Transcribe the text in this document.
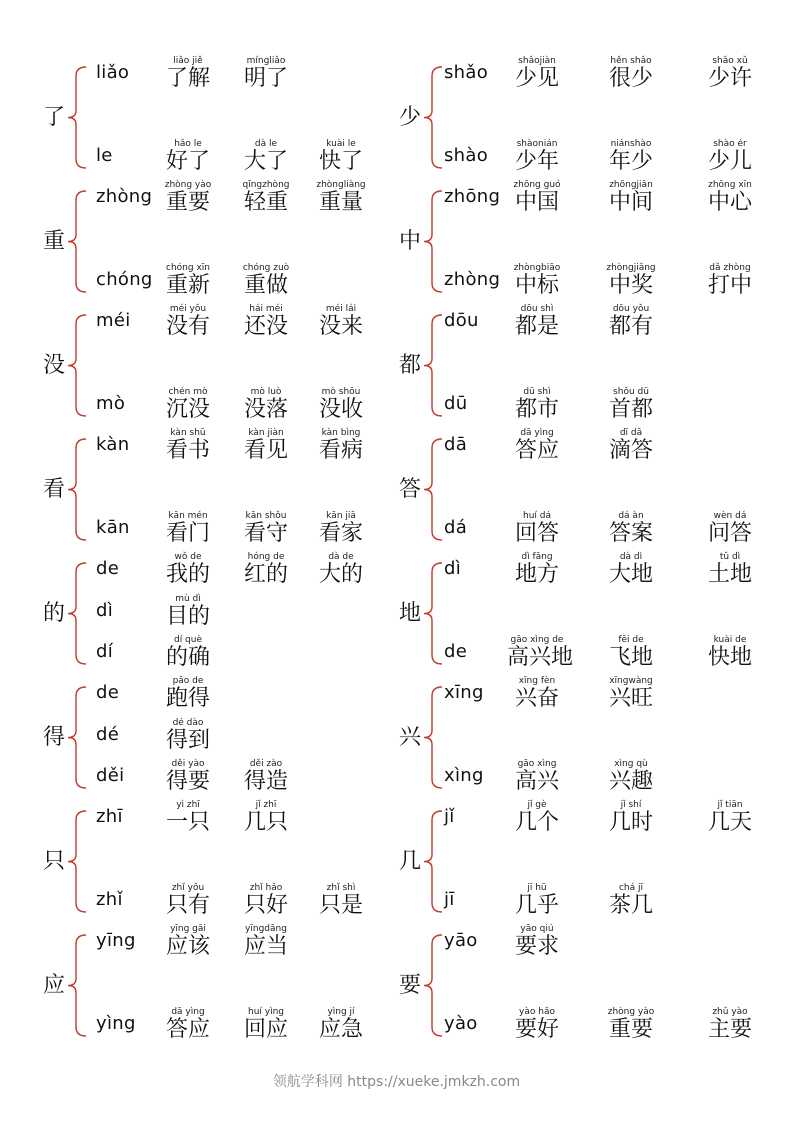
了
liǎo
liǎo jiě
了解
míngliǎo
明了
le
hǎo le
好了
dà le
大了
kuài le
快了
重
zhòng
zhòng yào
重要
qīngzhòng
轻重
zhòngliàng
重量
chóng
chóng xīn
重新
chóng zuò
重做
没
méi
méi yǒu
没有
hái méi
还没
méi lái
没来
mò
chén mò
沉没
mò luò
没落
mò shōu
没收
看
kàn
kàn shū
看书
kàn jiàn
看见
kàn bìng
看病
kān
kān mén
看门
kān shǒu
看守
kān jiā
看家
的
de
wǒ de
我的
hóng de
红的
dà de
大的
dì
mù dì
目的
dí
dí què
的确
得
de
pǎo de
跑得
dé
dé dào
得到
děi
děi yào
得要
děi zào
得造
只
zhī
yì zhī
一只
jǐ zhī
几只
zhǐ
zhǐ yǒu
只有
zhǐ hǎo
只好
zhǐ shì
只是
应
yīng
yīng gāi
应该
yīngdāng
应当
yìng
dā yìng
答应
huí yìng
回应
yìng jí
应急
少
shǎo
shǎojiàn
少见
hěn shǎo
很少
shǎo xǔ
少许
shào
shàonián
少年
niánshào
年少
shào ér
少儿
中
zhōng
zhōng guó
中国
zhōngjiān
中间
zhōng xīn
中心
zhòng
zhòngbiāo
中标
zhòngjiǎng
中奖
dǎ zhòng
打中
都
dōu
dōu shì
都是
dōu yǒu
都有
dū
dū shì
都市
shǒu dū
首都
答
dā
dā yìng
答应
dī dā
滴答
dá
huí dá
回答
dá àn
答案
wèn dá
问答
地
dì
dì fāng
地方
dà dì
大地
tǔ dì
土地
de
gāo xìng de
高兴地
fēi de
飞地
kuài de
快地
兴
xīng
xīng fèn
兴奋
xīngwàng
兴旺
xìng
gāo xìng
高兴
xìng qù
兴趣
几
jǐ
jǐ gè
几个
jǐ shí
几时
jǐ tiān
几天
jī
jī hū
几乎
chá jī
茶几
要
yāo
yāo qiú
要求
yào
yào hǎo
要好
zhòng yào
重要
zhǔ yào
主要
领航学科网 https://xueke.jmkzh.com
